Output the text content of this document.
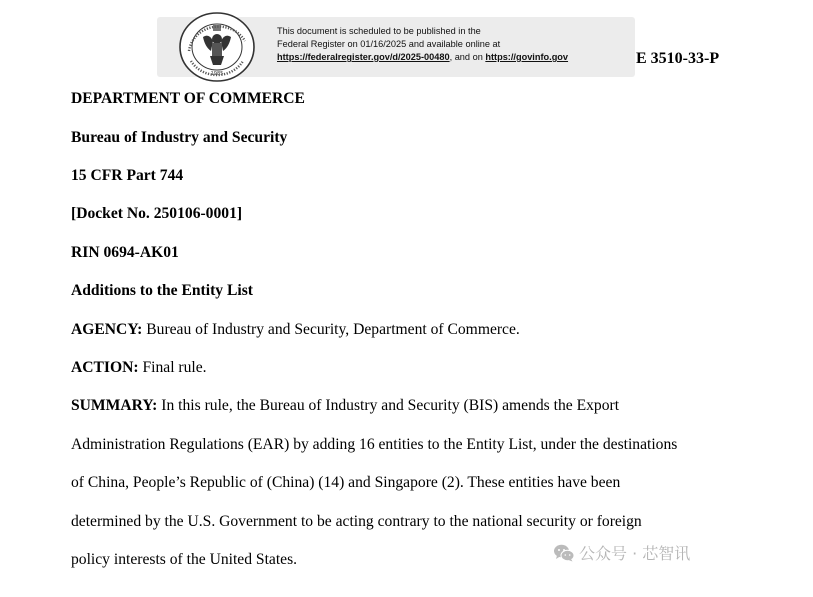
1985
This document is scheduled to be published in the
Federal Register on 01/16/2025 and available online at
https://federalregister.gov/d/2025-00480, and on https://govinfo.gov	E 3510-33-P
DEPARTMENT OF COMMERCE
Bureau of Industry and Security
15 CFR Part 744
[Docket No. 250106-0001]
RIN 0694-AK01
Additions to the Entity List
AGENCY: Bureau of Industry and Security, Department of Commerce.
ACTION: Final rule.
SUMMARY: In this rule, the Bureau of Industry and Security (BIS) amends the Export
Administration Regulations (EAR) by adding 16 entities to the Entity List, under the destinations
of China, People’s Republic of (China) (14) and Singapore (2). These entities have been
determined by the U.S. Government to be acting contrary to the national security or foreign
policy interests of the United States.	公众号 · 芯智讯
